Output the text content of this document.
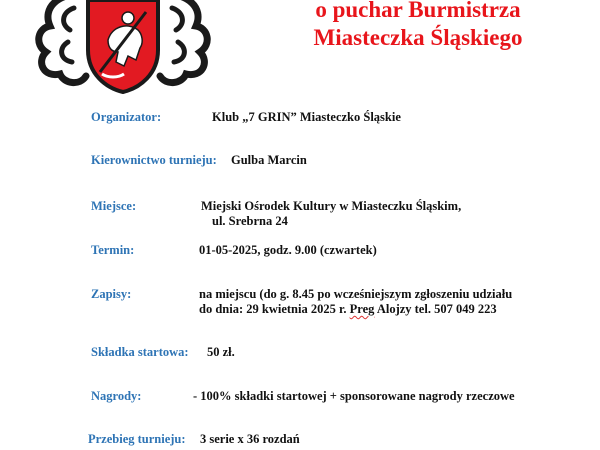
o puchar Burmistrza
Miasteczka Śląskiego
Organizator:	Klub „7 GRIN” Miasteczko Śląskie
Kierownictwo turnieju: Gulba Marcin
Miejsce:	Miejski Ośrodek Kultury w Miasteczku Śląskim,
ul. Srebrna 24
Termin:	01-05-2025, godz. 9.00 (czwartek)
Zapisy:	na miejscu (do g. 8.45 po wcześniejszym zgłoszeniu udziału
do dnia: 29 kwietnia 2025 r. Preg Alojzy tel. 507 049 223
Składka startowa: 50 zł.
Nagrody:	- 100% składki startowej + sponsorowane nagrody rzeczowe
Przebieg turnieju: 3 serie x 36 rozdań
